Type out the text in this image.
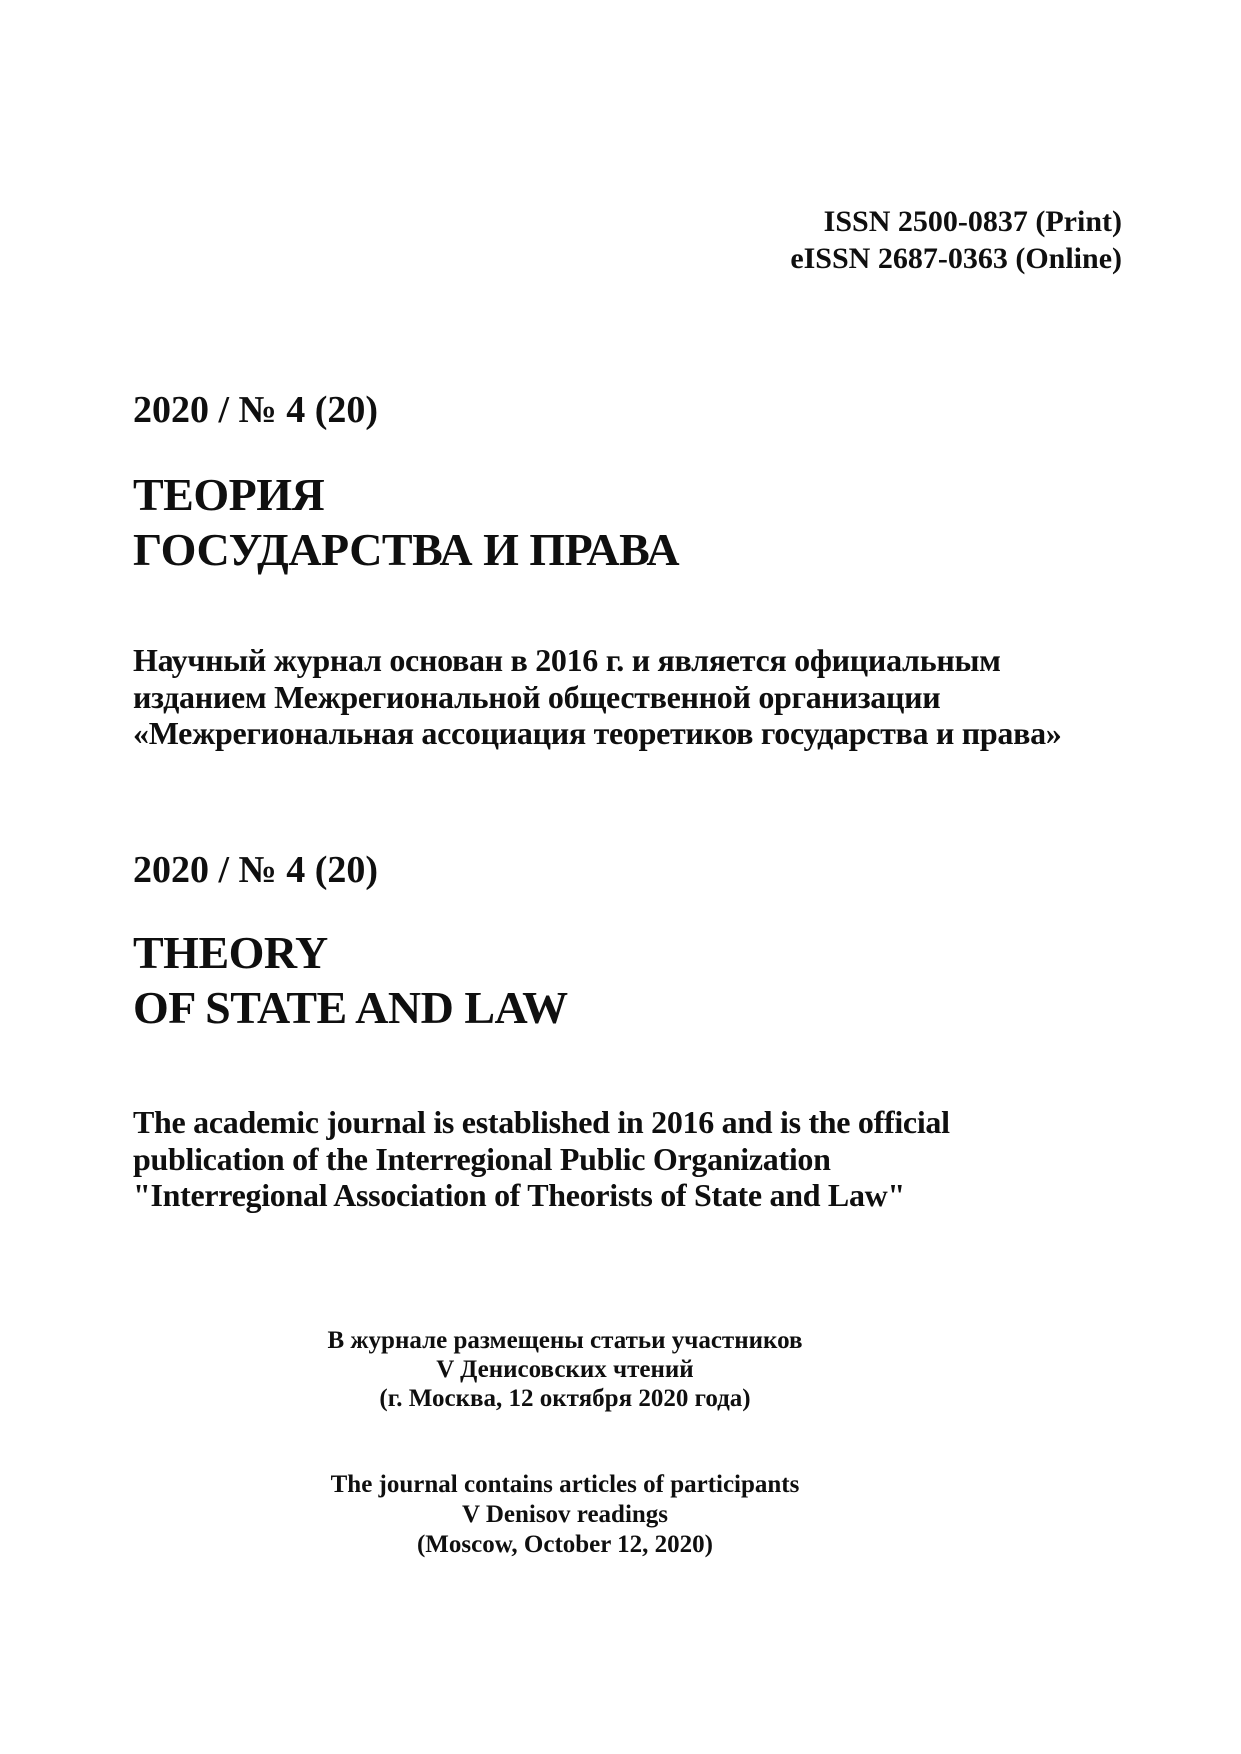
ISSN 2500-0837 (Print)
eISSN 2687-0363 (Online)
2020 / № 4 (20)
ТЕОРИЯ
ГОСУДАРСТВА И ПРАВА
Научный журнал основан в 2016 г. и является официальным
изданием Межрегиональной общественной организации
«Межрегиональная ассоциация теоретиков государства и права»
2020 / № 4 (20)
THEORY
OF STATE AND LAW
The academic journal is established in 2016 and is the official
publication of the Interregional Public Organization
"Interregional Association of Theorists of State and Law"
В журнале размещены статьи участников
V Денисовских чтений
(г. Москва, 12 октября 2020 года)
The journal contains articles of participants
V Denisov readings
(Moscow, October 12, 2020)
